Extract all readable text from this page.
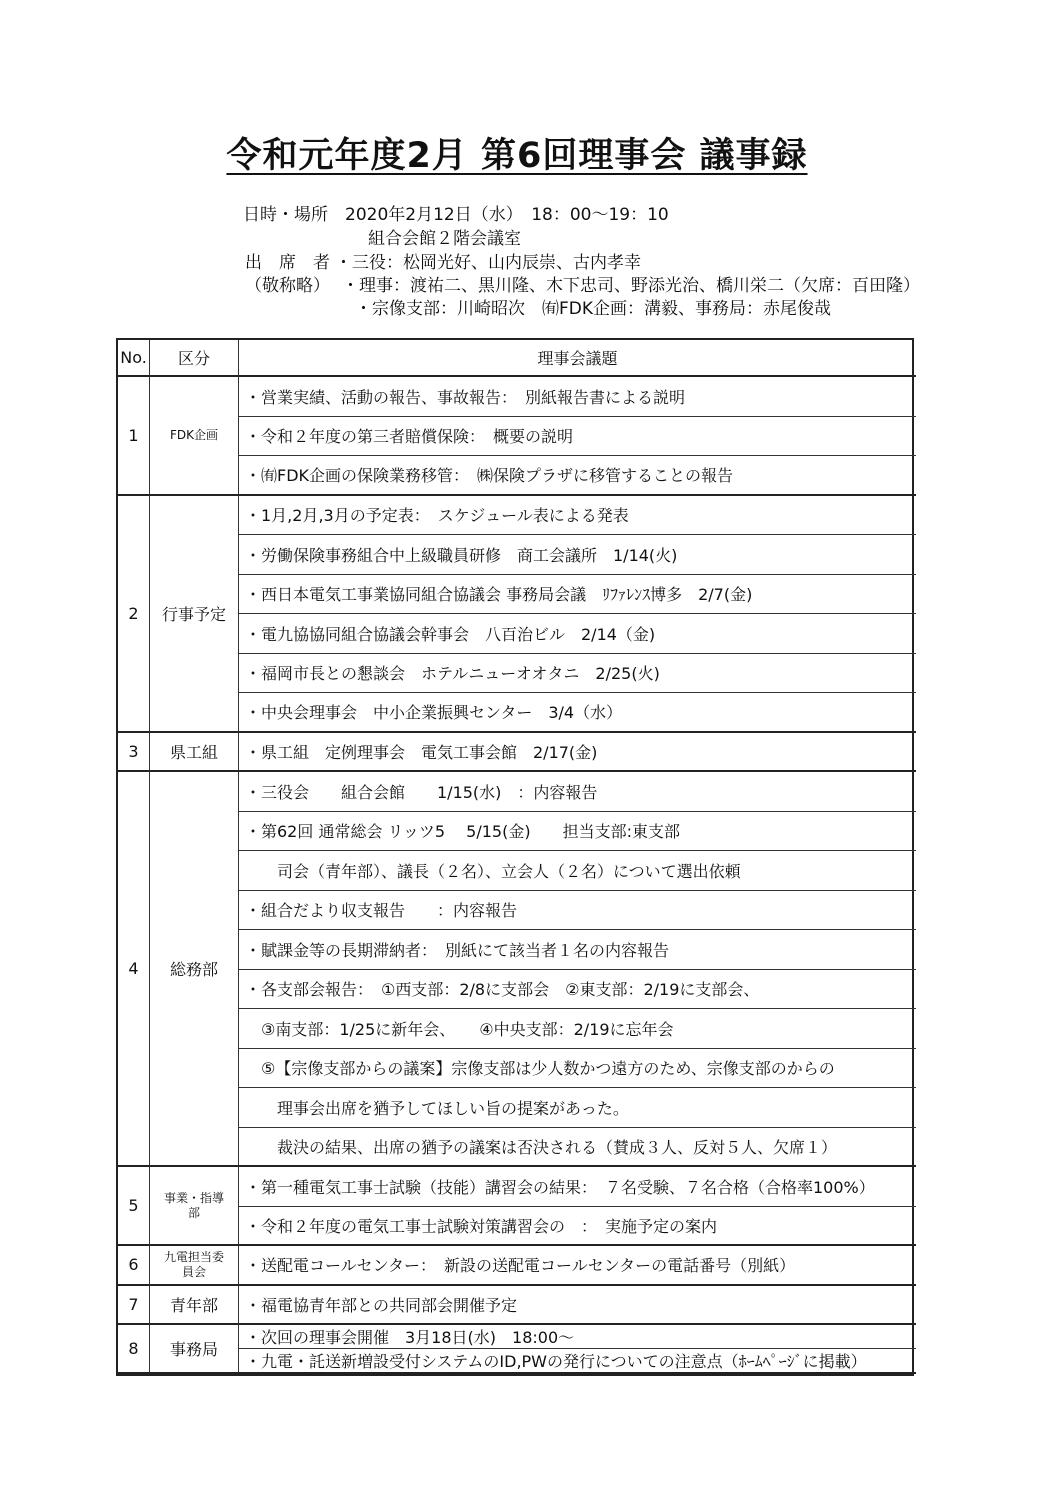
令和元年度2月 第6回理事会 議事録
日時・場所 2020年2月12日（水）　18：00～19：10
組合会館２階会議室
出　席　者 ・三役：松岡光好、山内辰崇、古内孝幸
（敬称略） ・理事：渡祐二、黒川隆、木下忠司、野添光治、橋川栄二（欠席：百田隆）
・宗像支部：川崎昭次　㈲FDK企画：溝毅、事務局：赤尾俊哉
No.	区分	理事会議題
1	FDK企画
・営業実績、活動の報告、事故報告：　別紙報告書による説明
・令和２年度の第三者賠償保険：　概要の説明
・㈲FDK企画の保険業務移管：　㈱保険プラザに移管することの報告
2	行事予定
・1月,2月,3月の予定表：　スケジュール表による発表
・労働保険事務組合中上級職員研修　商工会議所　1/14(火)
・西日本電気工事業協同組合協議会 事務局会議　ﾘﾌｧﾚﾝｽ博多　2/7(金)
・電九協協同組合協議会幹事会　八百治ビル　2/14（金)
・福岡市長との懇談会　ホテルニューオオタニ　2/25(火)
・中央会理事会　中小企業振興センター　3/4（水）
3	県工組	・県工組　定例理事会　電気工事会館　2/17(金)
4	総務部
・三役会　　組合会館　　1/15(水)　：内容報告
・第62回 通常総会 リッツ5　 5/15(金)　　担当支部:東支部
　　司会（青年部）、議長（２名）、立会人（２名）について選出依頼
・組合だより収支報告　　：内容報告
・賦課金等の長期滞納者：　別紙にて該当者１名の内容報告
・各支部会報告：　①西支部：2/8に支部会　②東支部：2/19に支部会、
　③南支部：1/25に新年会、　　④中央支部：2/19に忘年会
　⑤【宗像支部からの議案】宗像支部は少人数かつ遠方のため、宗像支部のからの
　　理事会出席を猶予してほしい旨の提案があった。
　　裁決の結果、出席の猶予の議案は否決される（賛成３人、反対５人、欠席１）
5	事業・指導部
・第一種電気工事士試験（技能）講習会の結果：　７名受験、７名合格（合格率100%）
・令和２年度の電気工事士試験対策講習会の　：　実施予定の案内
6	九電担当委員会	・送配電コールセンター：　新設の送配電コールセンターの電話番号（別紙）
7	青年部	・福電協青年部との共同部会開催予定
8	事務局
・次回の理事会開催　3月18日(水)　18:00～
・九電・託送新増設受付システムのID,PWの発行についての注意点（ﾎｰﾑﾍﾟｰｼﾞに掲載）
